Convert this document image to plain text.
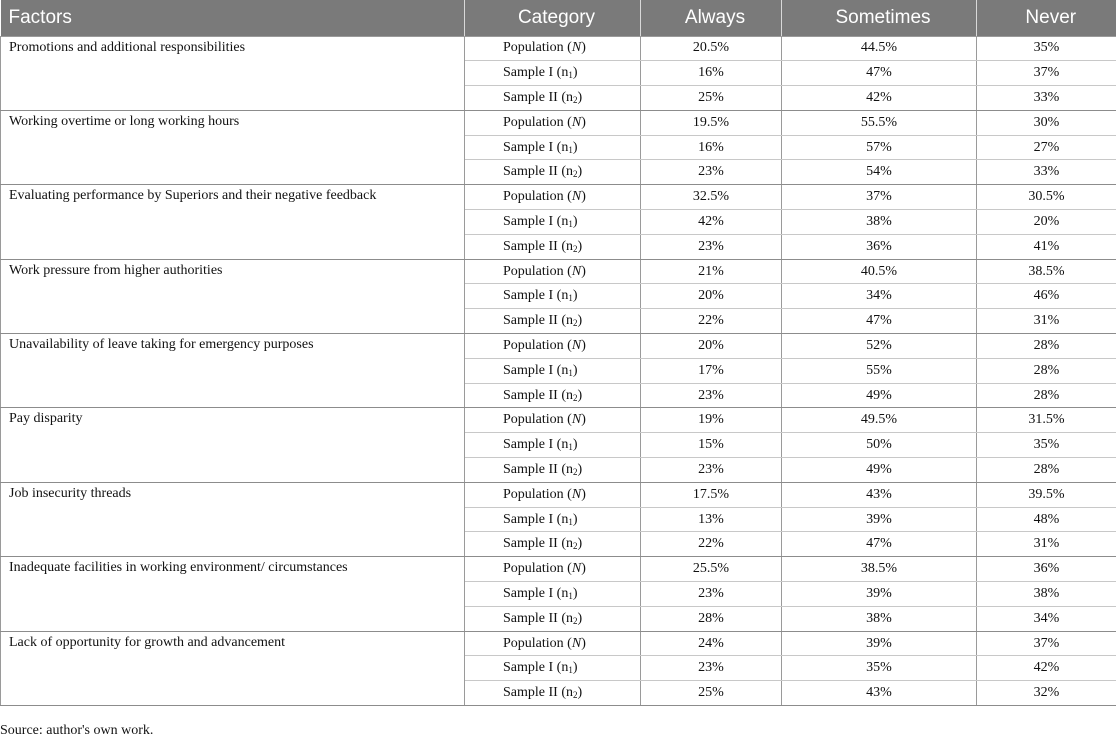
Factors	Category	Always	Sometimes	Never
Promotions and additional responsibilities	Population (N)	20.5%	44.5%	35%
	Sample I $(n_1)$	16%	47%	37%
	Sample II $(n_2)$	25%	42%	33%
Working overtime or long working hours	Population (N)	19.5%	55.5%	30%
	Sample I $(n_1)$	16%	57%	27%
	Sample II $(n_2)$	23%	54%	33%
Evaluating performance by Superiors and their negative feedback	Population (N)	32.5%	37%	30.5%
	Sample I $(n_1)$	42%	38%	20%
	Sample II $(n_2)$	23%	36%	41%
Work pressure from higher authorities	Population (N)	21%	40.5%	38.5%
	Sample I $(n_1)$	20%	34%	46%
	Sample II $(n_2)$	22%	47%	31%
Unavailability of leave taking for emergency purposes	Population (N)	20%	52%	28%
	Sample I $(n_1)$	17%	55%	28%
	Sample II $(n_2)$	23%	49%	28%
Pay disparity	Population (N)	19%	49.5%	31.5%
	Sample I $(n_1)$	15%	50%	35%
	Sample II $(n_2)$	23%	49%	28%
Job insecurity threads	Population (N)	17.5%	43%	39.5%
	Sample I $(n_1)$	13%	39%	48%
	Sample II $(n_2)$	22%	47%	31%
Inadequate facilities in working environment/ circumstances	Population (N)	25.5%	38.5%	36%
	Sample I $(n_1)$	23%	39%	38%
	Sample II $(n_2)$	28%	38%	34%
Lack of opportunity for growth and advancement	Population (N)	24%	39%	37%
	Sample I $(n_1)$	23%	35%	42%
	Sample II $(n_2)$	25%	43%	32%
Source: author's own work.
